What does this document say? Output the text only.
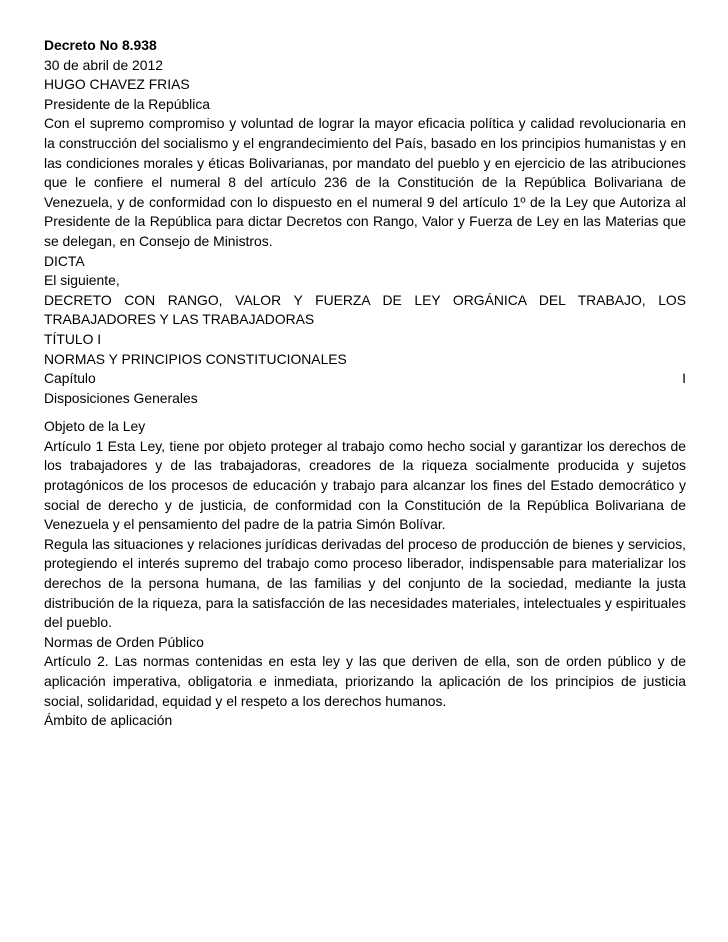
Decreto No 8.938

30 de abril de 2012

HUGO CHAVEZ FRIAS

Presidente de la República

Con el supremo compromiso y voluntad de lograr la mayor eficacia política y calidad revolucionaria en la construcción del socialismo y el engrandecimiento del País, basado en los principios humanistas y en las condiciones morales y éticas Bolivarianas, por mandato del pueblo y en ejercicio de las atribuciones que le confiere el numeral 8 del artículo 236 de la Constitución de la República Bolivariana de Venezuela, y de conformidad con lo dispuesto en el numeral 9 del artículo 1º de la Ley que Autoriza al Presidente de la República para dictar Decretos con Rango, Valor y Fuerza de Ley en las Materias que se delegan, en Consejo de Ministros.

DICTA

El siguiente,

DECRETO CON RANGO, VALOR Y FUERZA DE LEY ORGÁNICA DEL TRABAJO, LOS TRABAJADORES Y LAS TRABAJADORAS

TÍTULO I

NORMAS Y PRINCIPIOS CONSTITUCIONALES

Capítulo	I

Disposiciones Generales

Objeto de la Ley

Artículo 1 Esta Ley, tiene por objeto proteger al trabajo como hecho social y garantizar los derechos de los trabajadores y de las trabajadoras, creadores de la riqueza socialmente producida y sujetos protagónicos de los procesos de educación y trabajo para alcanzar los fines del Estado democrático y social de derecho y de justicia, de conformidad con la Constitución de la República Bolivariana de Venezuela y el pensamiento del padre de la patria Simón Bolívar.

Regula las situaciones y relaciones jurídicas derivadas del proceso de producción de bienes y servicios, protegiendo el interés supremo del trabajo como proceso liberador, indispensable para materializar los derechos de la persona humana, de las familias y del conjunto de la sociedad, mediante la justa distribución de la riqueza, para la satisfacción de las necesidades materiales, intelectuales y espirituales del pueblo.

Normas de Orden Público

Artículo 2. Las normas contenidas en esta ley y las que deriven de ella, son de orden público y de aplicación imperativa, obligatoria e inmediata, priorizando la aplicación de los principios de justicia social, solidaridad, equidad y el respeto a los derechos humanos.

Ámbito de aplicación
